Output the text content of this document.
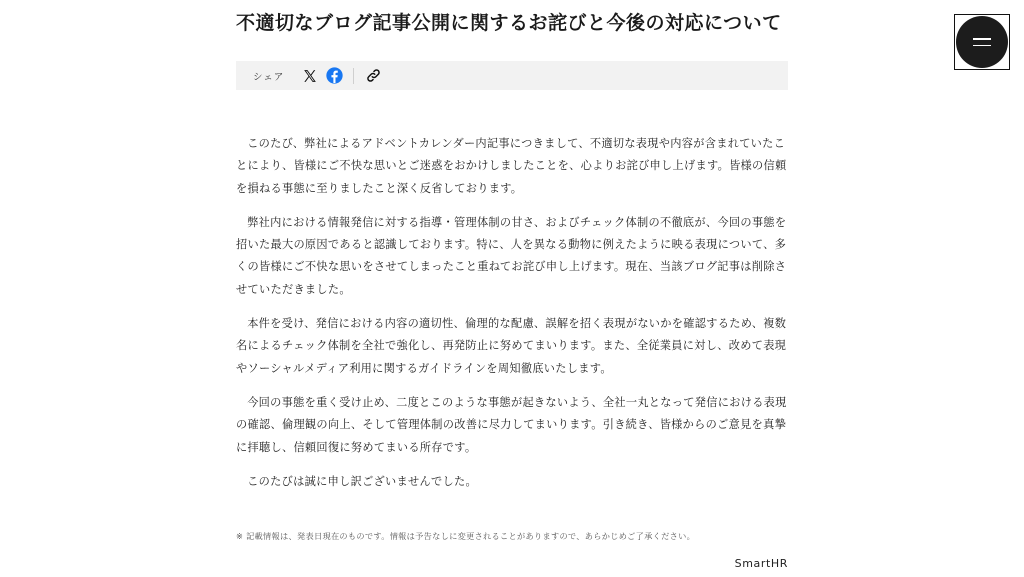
不適切なブログ記事公開に関するお詫びと今後の対応について
シェア

このたび、弊社によるアドベントカレンダー内記事につきまして、不適切な表現や内容が含まれていたことにより、皆様にご不快な思いとご迷惑をおかけしましたことを、心よりお詫び申し上げます。皆様の信頼を損ねる事態に至りましたこと深く反省しております。

弊社内における情報発信に対する指導・管理体制の甘さ、およびチェック体制の不徹底が、今回の事態を招いた最大の原因であると認識しております。特に、人を異なる動物に例えたように映る表現について、多くの皆様にご不快な思いをさせてしまったこと重ねてお詫び申し上げます。現在、当該ブログ記事は削除させていただきました。

本件を受け、発信における内容の適切性、倫理的な配慮、誤解を招く表現がないかを確認するため、複数名によるチェック体制を全社で強化し、再発防止に努めてまいります。また、全従業員に対し、改めて表現やソーシャルメディア利用に関するガイドラインを周知徹底いたします。

今回の事態を重く受け止め、二度とこのような事態が起きないよう、全社一丸となって発信における表現の確認、倫理観の向上、そして管理体制の改善に尽力してまいります。引き続き、皆様からのご意見を真摯に拝聴し、信頼回復に努めてまいる所存です。

このたびは誠に申し訳ございませんでした。

※ 記載情報は、発表日現在のものです。情報は予告なしに変更されることがありますので、あらかじめご了承ください。
SmartHR
